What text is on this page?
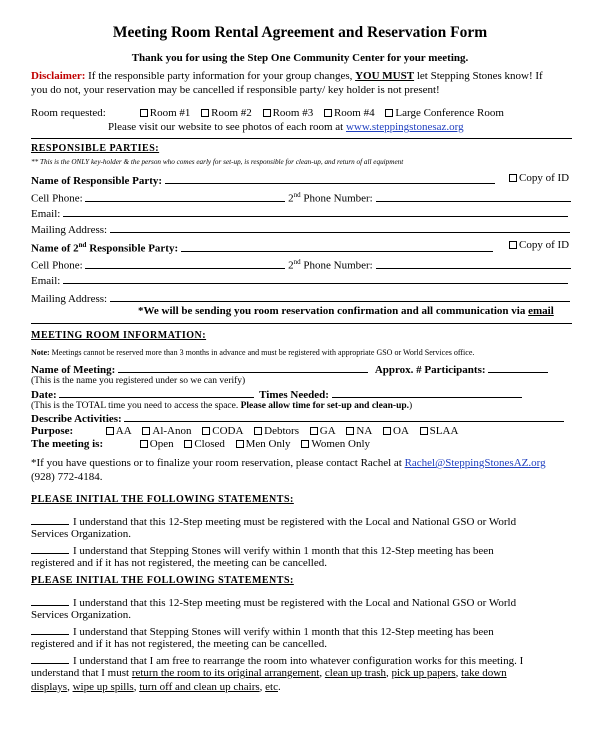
Meeting Room Rental Agreement and Reservation Form
Thank you for using the Step One Community Center for your meeting.
Disclaimer: If the responsible party information for your group changes, YOU MUST let Stepping Stones know! If
you do not, your reservation may be cancelled if responsible party/ key holder is not present!
Room requested:	Room #1 Room #2 Room #3 Room #4 Large Conference Room
Please visit our website to see photos of each room at www.steppingstonesaz.org
RESPONSIBLE PARTIES:
** This is the ONLY key-holder & the person who comes early for set-up, is responsible for clean-up, and return of all equipment
Name of Responsible Party:	Copy of ID
Cell Phone:	2nd Phone Number:
Email:
Mailing Address:
Name of 2nd Responsible Party:	Copy of ID
Cell Phone:	2nd Phone Number:
Email:
Mailing Address:
*We will be sending you room reservation confirmation and all communication via email
MEETING ROOM INFORMATION:
Note: Meetings cannot be reserved more than 3 months in advance and must be registered with appropriate GSO or World Services office.
Name of Meeting:	Approx. # Participants:
(This is the name you registered under so we can verify)
Date:	Times Needed:
(This is the TOTAL time you need to access the space. Please allow time for set-up and clean-up.)
Describe Activities:
Purpose:	AA Al-Anon CODA Debtors GA NA OA SLAA
The meeting is:	Open Closed Men Only Women Only
*If you have questions or to finalize your room reservation, please contact Rachel at Rachel@SteppingStonesAZ.org
(928) 772-4184.
PLEASE INITIAL THE FOLLOWING STATEMENTS:
I understand that this 12-Step meeting must be registered with the Local and National GSO or World
Services Organization.
I understand that Stepping Stones will verify within 1 month that this 12-Step meeting has been
registered and if it has not registered, the meeting can be cancelled.
PLEASE INITIAL THE FOLLOWING STATEMENTS:
I understand that this 12-Step meeting must be registered with the Local and National GSO or World
Services Organization.
I understand that Stepping Stones will verify within 1 month that this 12-Step meeting has been
registered and if it has not registered, the meeting can be cancelled.
I understand that I am free to rearrange the room into whatever configuration works for this meeting. I
understand that I must return the room to its original arrangement, clean up trash, pick up papers, take down
displays, wipe up spills, turn off and clean up chairs, etc.
